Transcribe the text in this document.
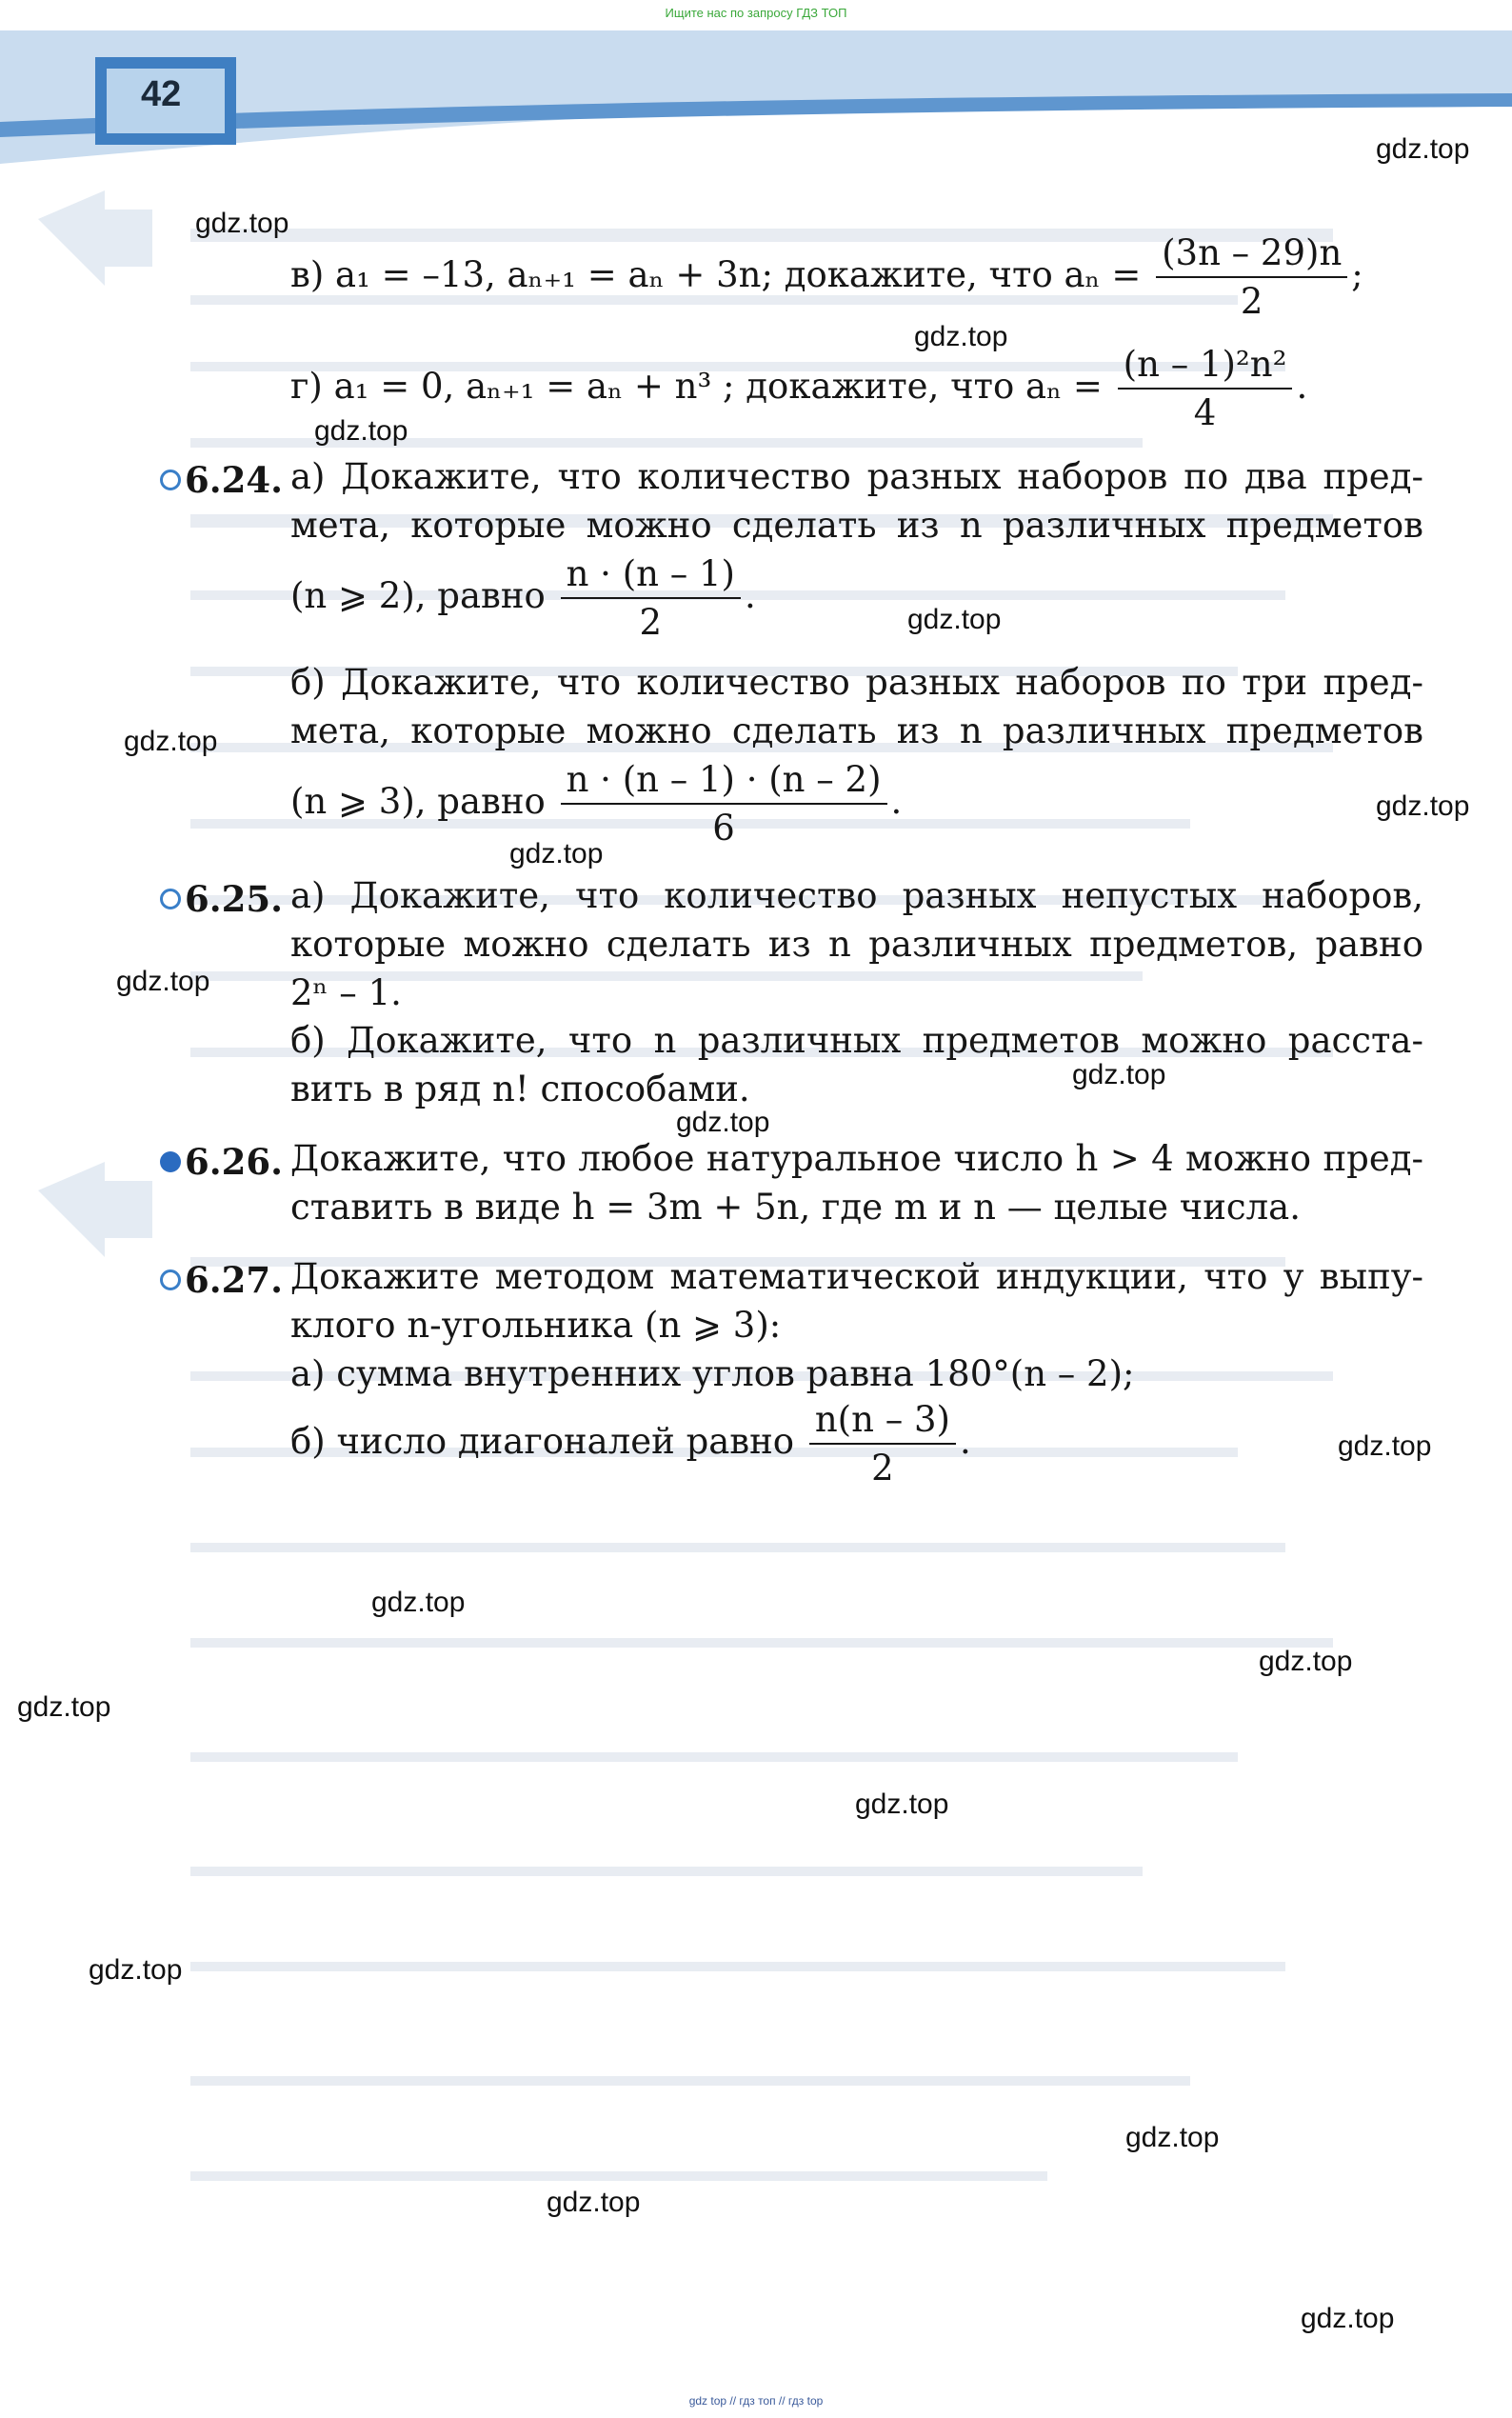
Ищите нас по запросу ГДЗ ТОП
42
в) a₁ = –13, aₙ₊₁ = aₙ + 3n; докажите, что $a_n = \frac{(3n - 29)n}{2}$ ;
г) a₁ = 0, aₙ₊₁ = aₙ + n³ ; докажите, что $a_n = \frac{\text{(n – 1)²n²}}{4}$ .
6.24. а) Докажите, что количество разных наборов по два пред-
мета, которые можно сделать из n различных предметов
(n ⩾ 2), равно $\frac{n \cdot (n - 1)}{2}$ .
б) Докажите, что количество разных наборов по три пред-
мета, которые можно сделать из n различных предметов
(n ⩾ 3), равно $\frac{n \cdot (n - 1) \cdot (n - 2)}{6}$ .
6.25. а) Докажите, что количество разных непустых наборов,
которые можно сделать из n различных предметов, равно
2ⁿ – 1.
б) Докажите, что n различных предметов можно расста-
вить в ряд n! способами.
6.26. Докажите, что любое натуральное число h > 4 можно пред-
ставить в виде h = 3m + 5n, где m и n — целые числа.
6.27. Докажите методом математической индукции, что у выпу-
клого n-угольника (n ⩾ 3):
а) сумма внутренних углов равна 180°(n – 2);
б) число диагоналей равно $\frac{n(n - 3)}{2}$ .
gdz.top
gdz.top
gdz.top
gdz.top
gdz.top
gdz.top
gdz.top
gdz.top
gdz.top
gdz.top
gdz.top
gdz.top
gdz.top
gdz.top
gdz.top
gdz.top
gdz.top
gdz.top
gdz.top
gdz.top
gdz top // гдз топ // гдз top
